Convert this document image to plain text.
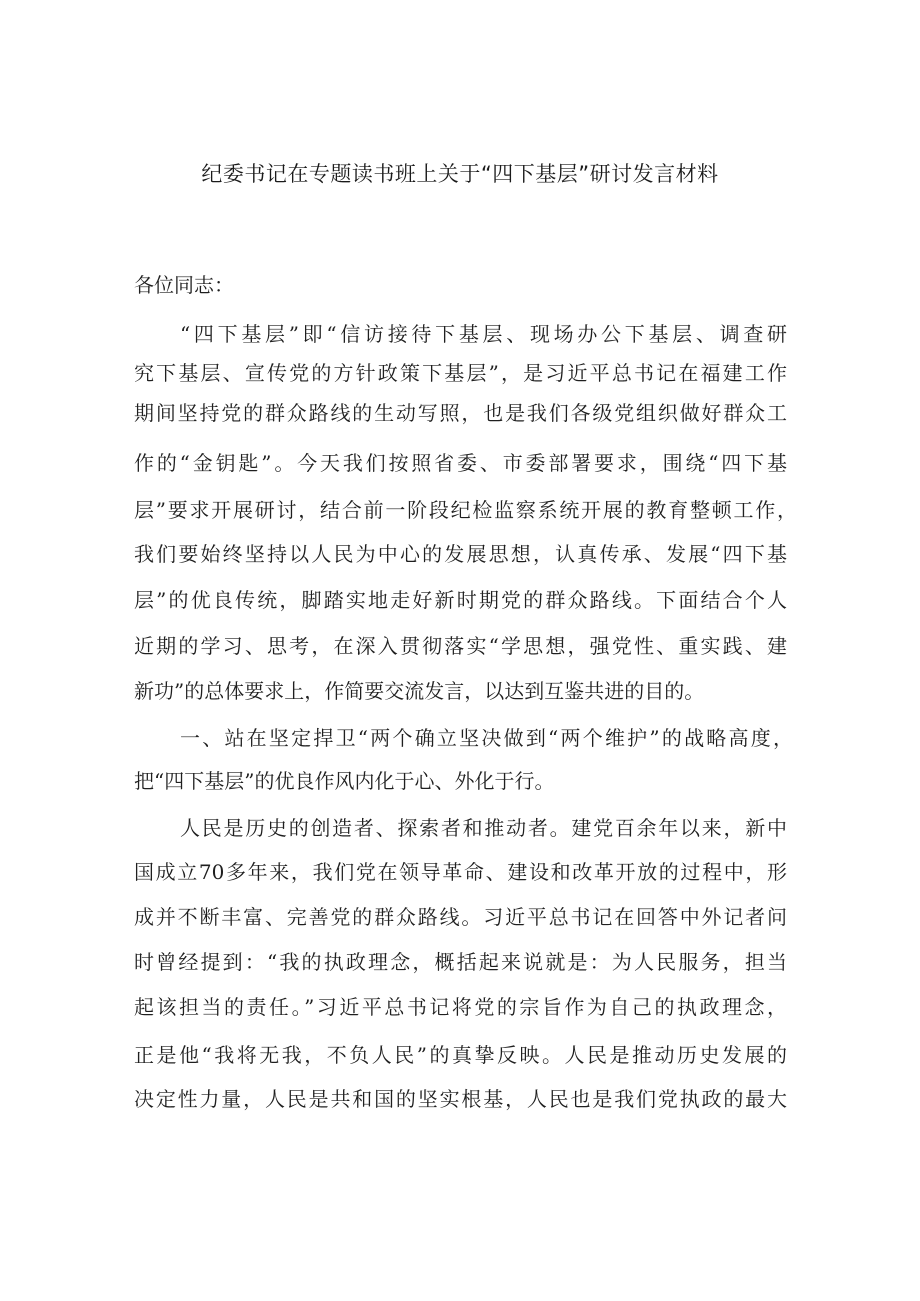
纪委书记在专题读书班上关于“四下基层”研讨发言材料
各位同志：
“四下基层”即“信访接待下基层、现场办公下基层、调查研
究下基层、宣传党的方针政策下基层”，是习近平总书记在福建工作
期间坚持党的群众路线的生动写照，也是我们各级党组织做好群众工
作的“金钥匙”。今天我们按照省委、市委部署要求，围绕“四下基
层”要求开展研讨，结合前一阶段纪检监察系统开展的教育整顿工作，
我们要始终坚持以人民为中心的发展思想，认真传承、发展“四下基
层”的优良传统，脚踏实地走好新时期党的群众路线。下面结合个人
近期的学习、思考，在深入贯彻落实“学思想，强党性、重实践、建
新功”的总体要求上，作简要交流发言，以达到互鉴共进的目的。
一、站在坚定捍卫“两个确立坚决做到“两个维护”的战略高度，
把“四下基层”的优良作风内化于心、外化于行。
人民是历史的创造者、探索者和推动者。建党百余年以来，新中
国成立70多年来，我们党在领导革命、建设和改革开放的过程中，形
成并不断丰富、完善党的群众路线。习近平总书记在回答中外记者问
时曾经提到：“我的执政理念，概括起来说就是：为人民服务，担当
起该担当的责任。”习近平总书记将党的宗旨作为自己的执政理念，
正是他“我将无我，不负人民”的真挚反映。人民是推动历史发展的
决定性力量，人民是共和国的坚实根基，人民也是我们党执政的最大
